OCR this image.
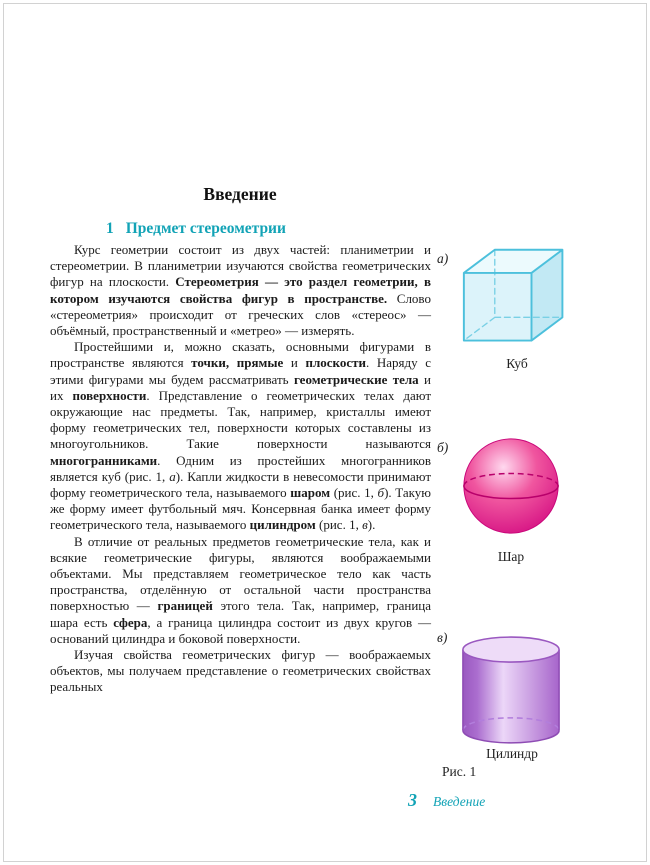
Введение
1 Предмет стереометрии

Курс геометрии состоит из двух частей: планиметрии и стереометрии. В планиметрии изучаются свойства геометрических фигур на плоскости. Стереометрия — это раздел геометрии, в котором изучаются свойства фигур в пространстве. Слово «стереометрия» происходит от греческих слов «стереос» — объёмный, пространственный и «метрео» — измерять.

Простейшими и, можно сказать, основными фигурами в пространстве являются точки, прямые и плоскости. Наряду с этими фигурами мы будем рассматривать геометрические тела и их поверхности. Представление о геометрических телах дают окружающие нас предметы. Так, например, кристаллы имеют форму геометрических тел, поверхности которых составлены из многоугольников. Такие поверхности называются многогранниками. Одним из простейших многогранников является куб (рис. 1, а). Капли жидкости в невесомости принимают форму геометрического тела, называемого шаром (рис. 1, б). Такую же форму имеет футбольный мяч. Консервная банка имеет форму геометрического тела, называемого цилиндром (рис. 1, в).

В отличие от реальных предметов геометрические тела, как и всякие геометрические фигуры, являются воображаемыми объектами. Мы представляем геометрическое тело как часть пространства, отделённую от остальной части пространства поверхностью — границей этого тела. Так, например, граница шара есть сфера, а граница цилиндра состоит из двух кругов — оснований цилиндра и боковой поверхности.

Изучая свойства геометрических фигур — воображаемых объектов, мы получаем представление о геометрических свойствах реальных

а)
Куб
б)
Шар
в)
Цилиндр
Рис. 1
3 Введение
